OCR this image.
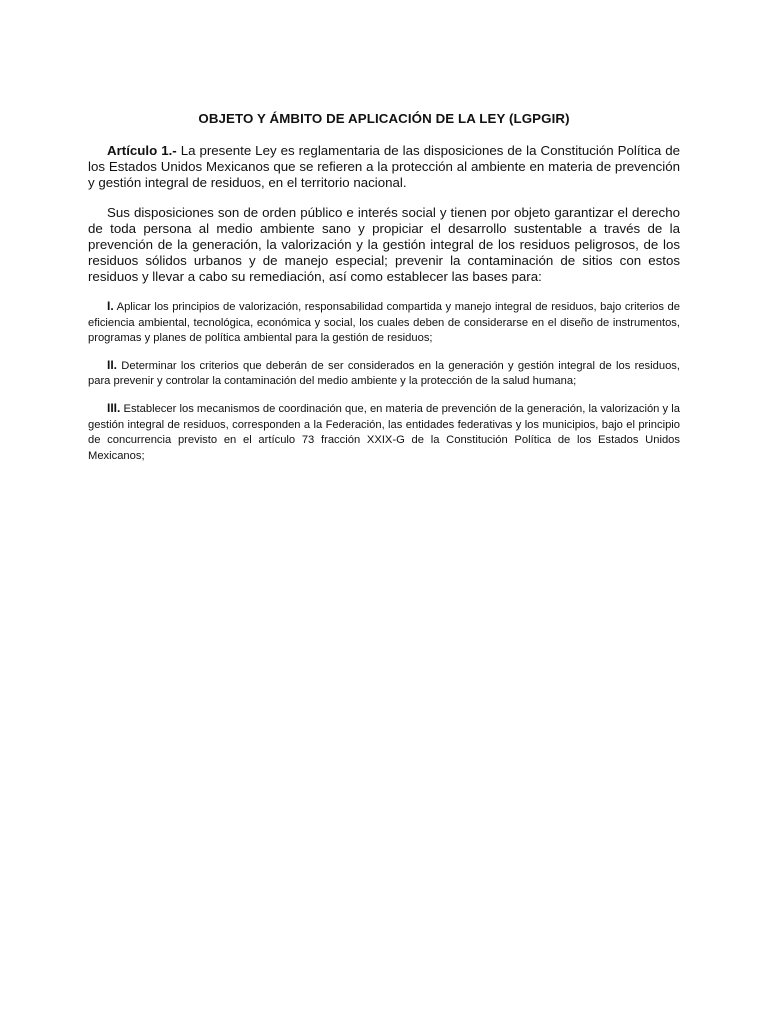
OBJETO Y ÁMBITO DE APLICACIÓN DE LA LEY (LGPGIR)

Artículo 1.- La presente Ley es reglamentaria de las disposiciones de la Constitución Política de los Estados Unidos Mexicanos que se refieren a la protección al ambiente en materia de prevención y gestión integral de residuos, en el territorio nacional.

Sus disposiciones son de orden público e interés social y tienen por objeto garantizar el derecho de toda persona al medio ambiente sano y propiciar el desarrollo sustentable a través de la prevención de la generación, la valorización y la gestión integral de los residuos peligrosos, de los residuos sólidos urbanos y de manejo especial; prevenir la contaminación de sitios con estos residuos y llevar a cabo su remediación, así como establecer las bases para:

I. Aplicar los principios de valorización, responsabilidad compartida y manejo integral de residuos, bajo criterios de eficiencia ambiental, tecnológica, económica y social, los cuales deben de considerarse en el diseño de instrumentos, programas y planes de política ambiental para la gestión de residuos;

II. Determinar los criterios que deberán de ser considerados en la generación y gestión integral de los residuos, para prevenir y controlar la contaminación del medio ambiente y la protección de la salud humana;

III. Establecer los mecanismos de coordinación que, en materia de prevención de la generación, la valorización y la gestión integral de residuos, corresponden a la Federación, las entidades federativas y los municipios, bajo el principio de concurrencia previsto en el artículo 73 fracción XXIX-G de la Constitución Política de los Estados Unidos Mexicanos;
